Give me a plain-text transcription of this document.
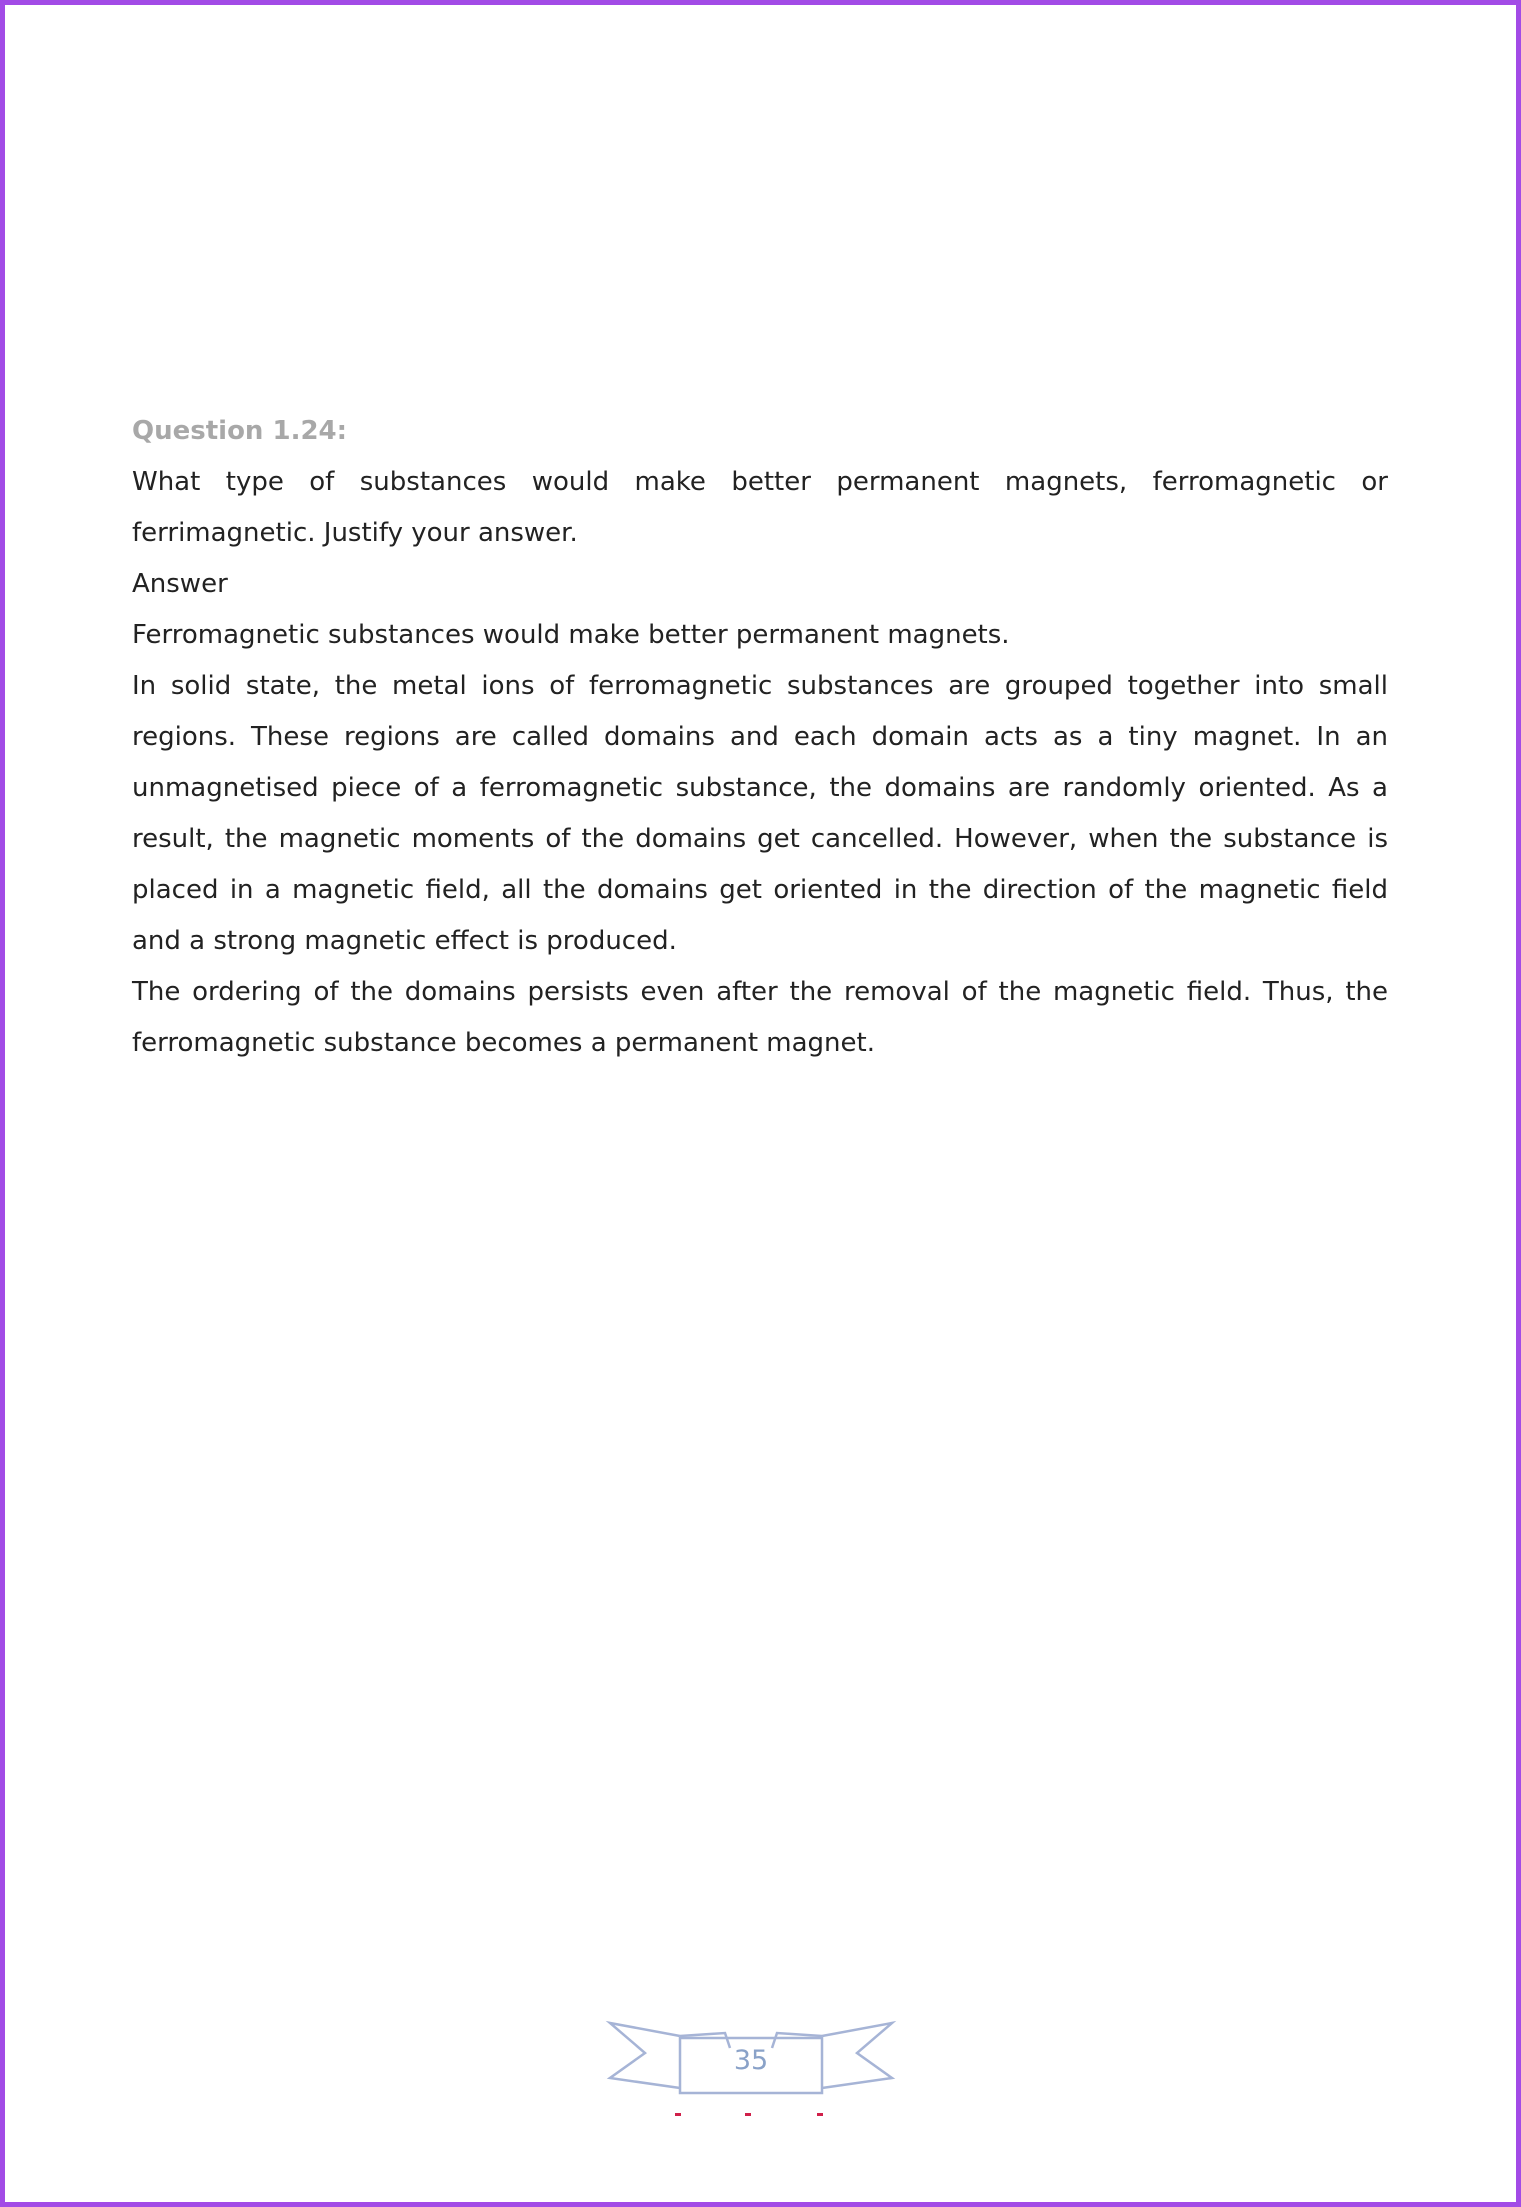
Question 1.24:

What type of substances would make better permanent magnets, ferromagnetic or ferrimagnetic. Justify your answer.

Answer

Ferromagnetic substances would make better permanent magnets.

In solid state, the metal ions of ferromagnetic substances are grouped together into small regions. These regions are called domains and each domain acts as a tiny magnet. In an unmagnetised piece of a ferromagnetic substance, the domains are randomly oriented. As a result, the magnetic moments of the domains get cancelled. However, when the substance is placed in a magnetic field, all the domains get oriented in the direction of the magnetic field and a strong magnetic effect is produced.

The ordering of the domains persists even after the removal of the magnetic field. Thus, the ferromagnetic substance becomes a permanent magnet.

35
